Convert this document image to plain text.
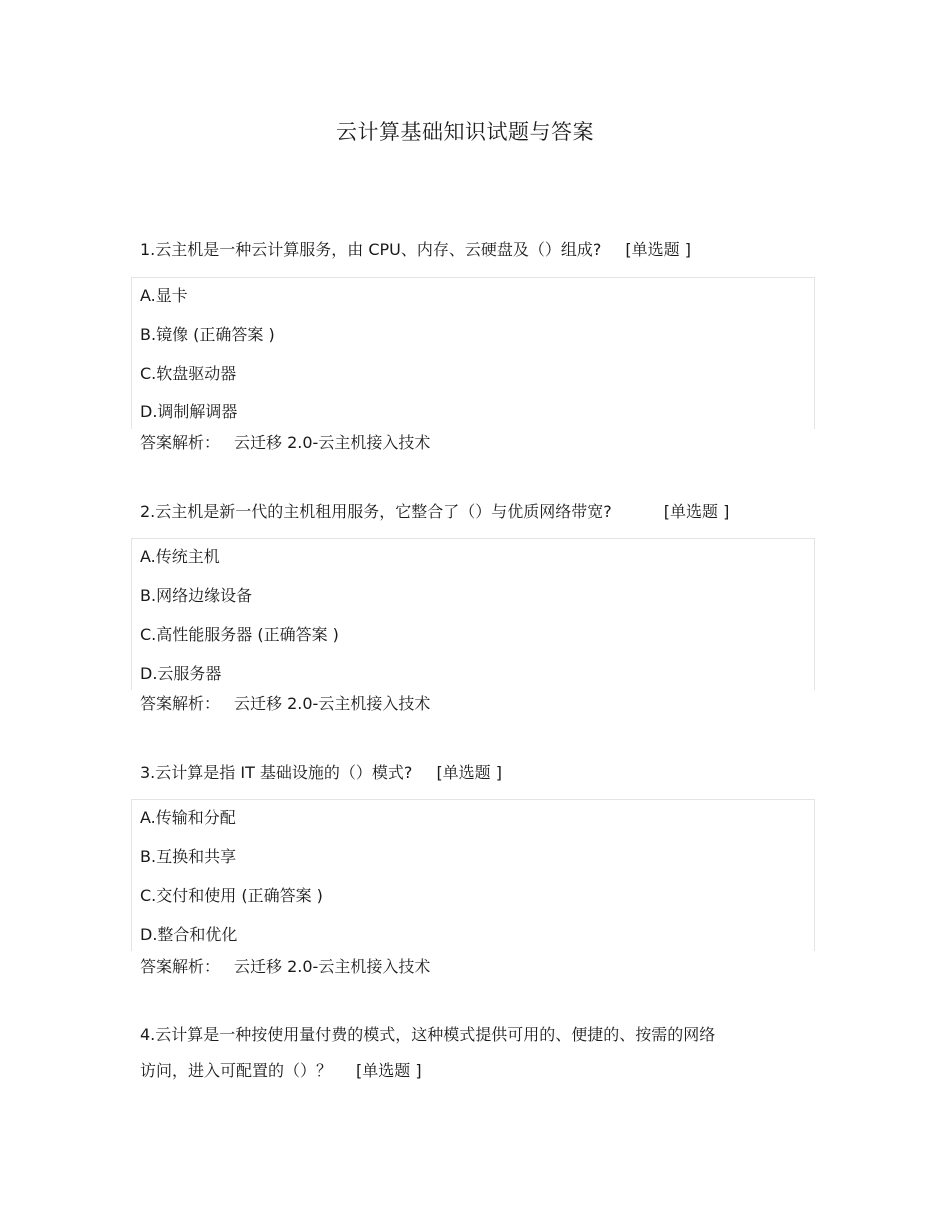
云计算基础知识试题与答案
1.云主机是一种云计算服务，由 CPU、内存、云硬盘及（）组成? [单选题 ]
A.显卡
B.镜像 (正确答案 )
C.软盘驱动器
D.调制解调器
答案解析： 云迁移 2.0-云主机接入技术
2.云主机是新一代的主机租用服务，它整合了（）与优质网络带宽?	[单选题 ]
A.传统主机
B.网络边缘设备
C.高性能服务器 (正确答案 )
D.云服务器
答案解析： 云迁移 2.0-云主机接入技术
3.云计算是指 IT 基础设施的（）模式? [单选题 ]
A.传输和分配
B.互换和共享
C.交付和使用 (正确答案 )
D.整合和优化
答案解析： 云迁移 2.0-云主机接入技术
4.云计算是一种按使用量付费的模式，这种模式提供可用的、便捷的、按需的网络
访问，进入可配置的（）？ [单选题 ]
